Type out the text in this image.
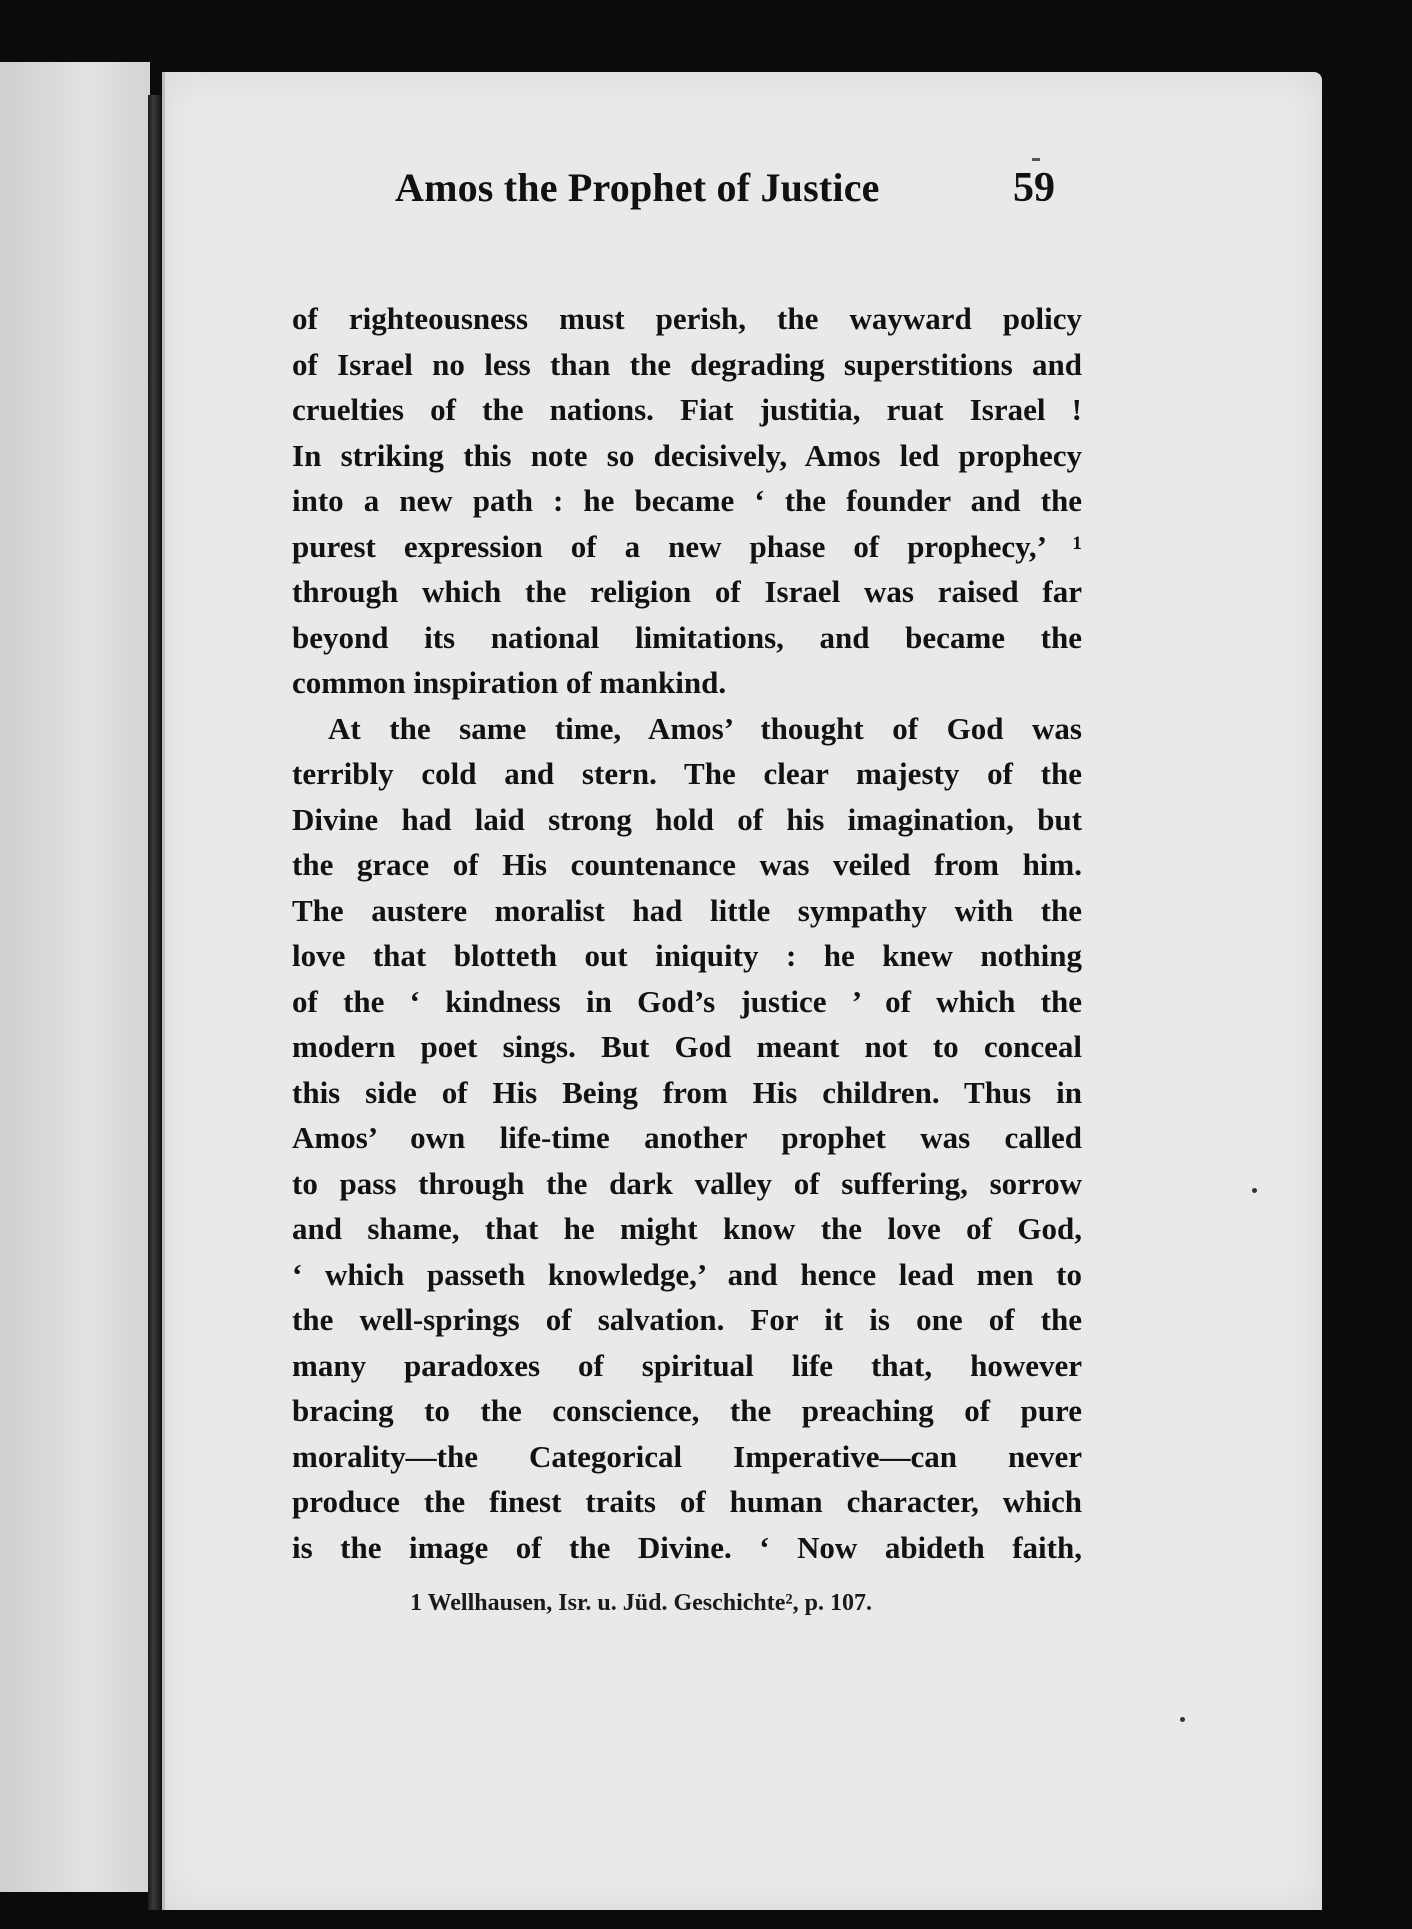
Amos the Prophet of Justice	59
of righteousness must perish, the wayward policy
of Israel no less than the degrading superstitions and
cruelties of the nations. Fiat justitia, ruat Israel !
In striking this note so decisively, Amos led prophecy
into a new path : he became ‘ the founder and the
purest expression of a new phase of prophecy,’ ¹
through which the religion of Israel was raised far
beyond its national limitations, and became the
common inspiration of mankind.
At the same time, Amos’ thought of God was
terribly cold and stern. The clear majesty of the
Divine had laid strong hold of his imagination, but
the grace of His countenance was veiled from him.
The austere moralist had little sympathy with the
love that blotteth out iniquity : he knew nothing
of the ‘ kindness in God’s justice ’ of which the
modern poet sings. But God meant not to conceal
this side of His Being from His children. Thus in
Amos’ own life-time another prophet was called
to pass through the dark valley of suffering, sorrow
and shame, that he might know the love of God,
‘ which passeth knowledge,’ and hence lead men to
the well-springs of salvation. For it is one of the
many paradoxes of spiritual life that, however
bracing to the conscience, the preaching of pure
morality—the Categorical Imperative—can never
produce the finest traits of human character, which
is the image of the Divine. ‘ Now abideth faith,
1 Wellhausen, Isr. u. Jüd. Geschichte², p. 107.
